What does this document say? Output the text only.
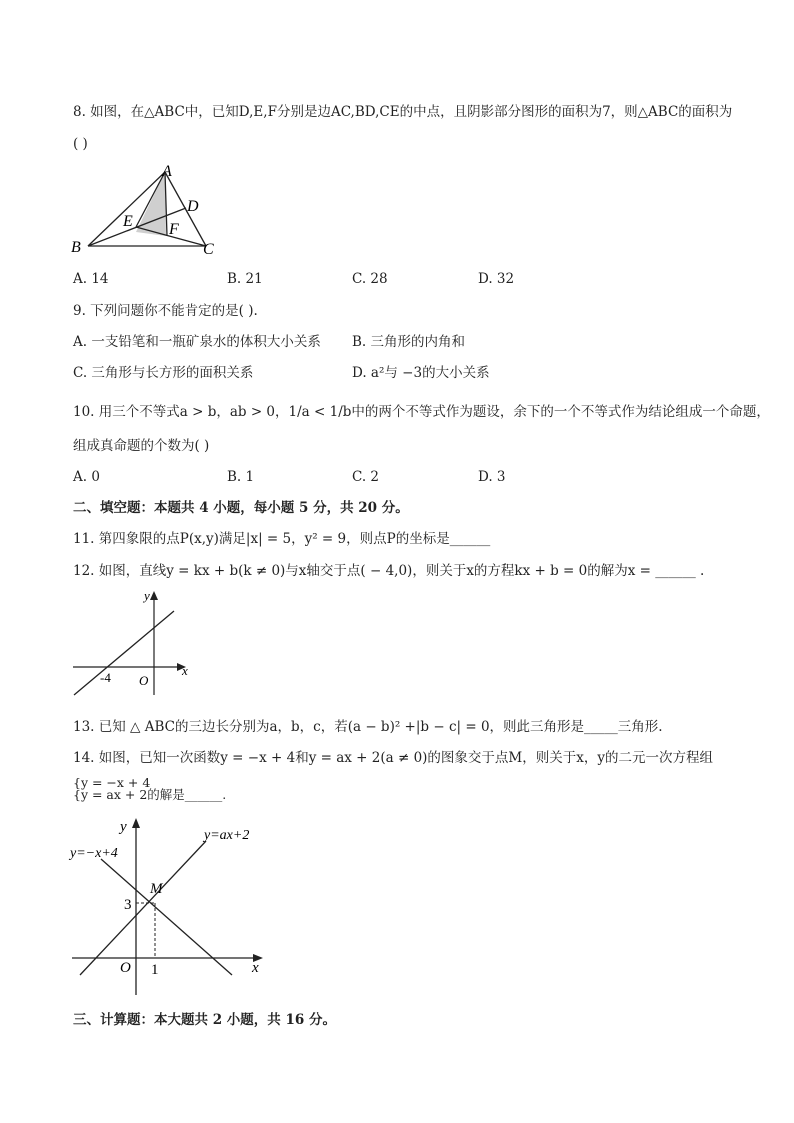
8. 如图，在△ABC中，已知D,E,F分别是边AC,BD,CE的中点，且阴影部分图形的面积为7，则△ABC的面积为
( )
A
B	C
D
E F
A. 14	B. 21	C. 28	D. 32
9. 下列问题你不能肯定的是( ).
A. 一支铅笔和一瓶矿泉水的体积大小关系 B. 三角形的内角和
C. 三角形与长方形的面积关系	D. a²与 −3的大小关系
10. 用三个不等式a > b，ab > 0，1/a < 1/b中的两个不等式作为题设，余下的一个不等式作为结论组成一个命题，
组成真命题的个数为( )
A. 0	B. 1	C. 2	D. 3
二、填空题：本题共 4 小题，每小题 5 分，共 20 分。
11. 第四象限的点P(x,y)满足|x| = 5，y² = 9，则点P的坐标是______
12. 如图，直线y = kx + b(k ≠ 0)与x轴交于点( − 4,0)，则关于x的方程kx + b = 0的解为x = ______ .
y
x
O
-4
13. 已知 △ ABC的三边长分别为a，b，c，若(a − b)² +|b − c| = 0，则此三角形是_____三角形.
14. 如图，已知一次函数y = −x + 4和y = ax + 2(a ≠ 0)的图象交于点M，则关于x，y的二元一次方程组
{y = −x + 4
{y = ax + 2的解是______.
y
x
O
M
3
1
y=−x+4
y=ax+2
三、计算题：本大题共 2 小题，共 16 分。
